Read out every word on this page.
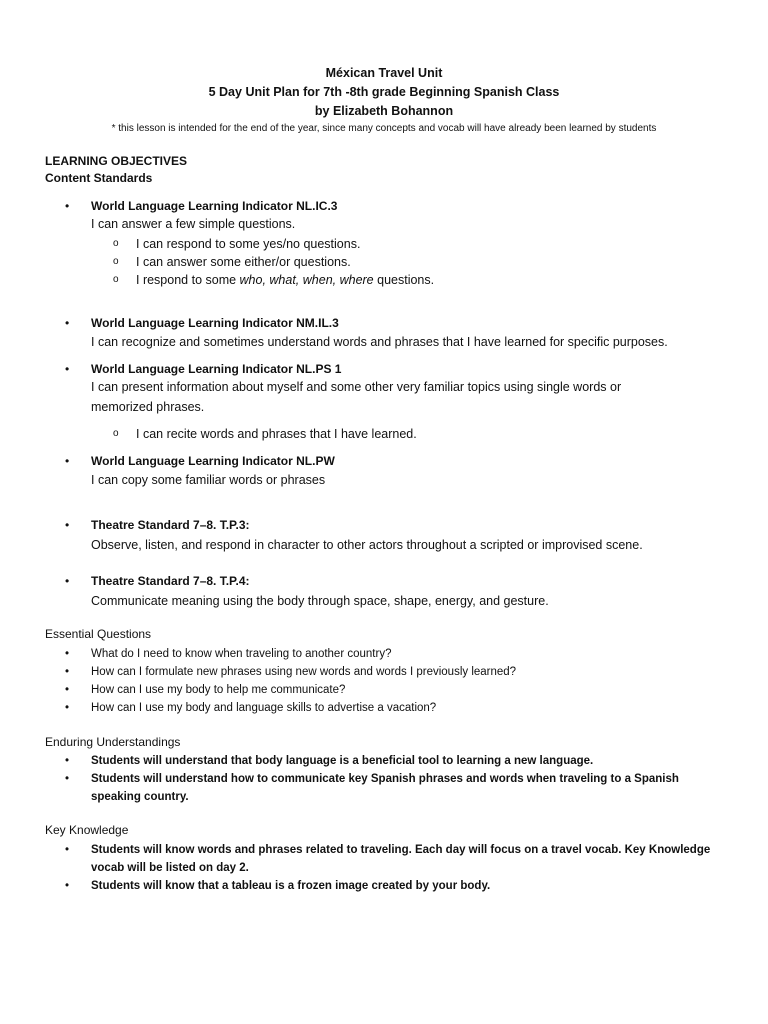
Méxican Travel Unit
5 Day Unit Plan for 7th -8th grade Beginning Spanish Class
by Elizabeth Bohannon
* this lesson is intended for the end of the year, since many concepts and vocab will have already been learned by students
LEARNING OBJECTIVES
Content Standards
• World Language Learning Indicator NL.IC.3
I can answer a few simple questions.
o I can respond to some yes/no questions.
o I can answer some either/or questions.
o I respond to some who, what, when, where questions.
• World Language Learning Indicator NM.IL.3
I can recognize and sometimes understand words and phrases that I have learned for specific purposes.
• World Language Learning Indicator NL.PS 1
I can present information about myself and some other very familiar topics using single words or
memorized phrases.
o I can recite words and phrases that I have learned.
• World Language Learning Indicator NL.PW
I can copy some familiar words or phrases
• Theatre Standard 7–8. T.P.3:
Observe, listen, and respond in character to other actors throughout a scripted or improvised scene.
• Theatre Standard 7–8. T.P.4:
Communicate meaning using the body through space, shape, energy, and gesture.
Essential Questions
• What do I need to know when traveling to another country?
• How can I formulate new phrases using new words and words I previously learned?
• How can I use my body to help me communicate?
• How can I use my body and language skills to advertise a vacation?
Enduring Understandings
• Students will understand that body language is a beneficial tool to learning a new language.
• Students will understand how to communicate key Spanish phrases and words when traveling to a Spanish
speaking country.
Key Knowledge
• Students will know words and phrases related to traveling. Each day will focus on a travel vocab. Key Knowledge
vocab will be listed on day 2.
• Students will know that a tableau is a frozen image created by your body.
